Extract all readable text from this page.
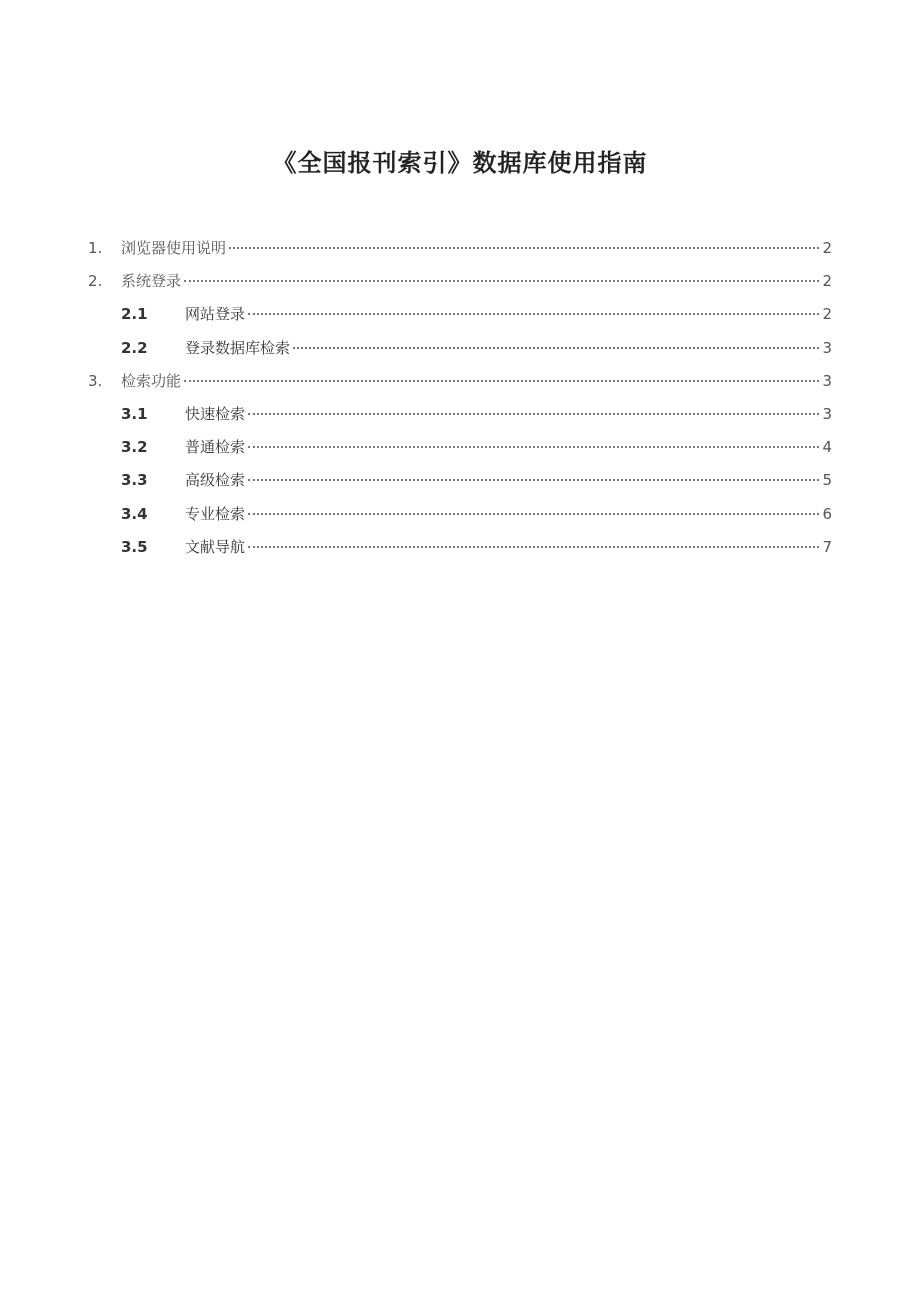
《全国报刊索引》数据库使用指南
1.	浏览器使用说明	2
2.	系统登录	2
2.1	网站登录	2
2.2	登录数据库检索	3
3.	检索功能	3
3.1	快速检索	3
3.2	普通检索	4
3.3	高级检索	5
3.4	专业检索	6
3.5	文献导航	7
